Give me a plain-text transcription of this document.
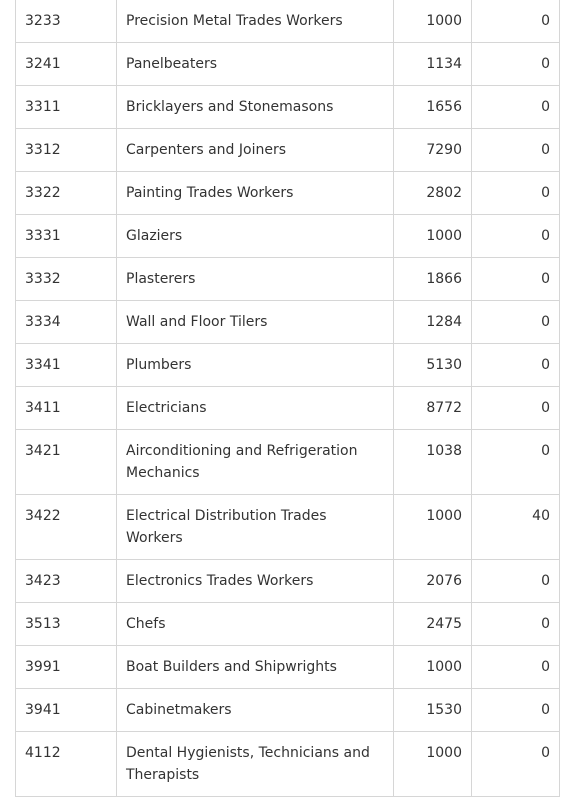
3233	Precision Metal Trades Workers	1000	0
3241	Panelbeaters	1134	0
3311	Bricklayers and Stonemasons	1656	0
3312	Carpenters and Joiners	7290	0
3322	Painting Trades Workers	2802	0
3331	Glaziers	1000	0
3332	Plasterers	1866	0
3334	Wall and Floor Tilers	1284	0
3341	Plumbers	5130	0
3411	Electricians	8772	0
3421	Airconditioning and Refrigeration Mechanics	1038	0
3422	Electrical Distribution Trades Workers	1000	40
3423	Electronics Trades Workers	2076	0
3513	Chefs	2475	0
3991	Boat Builders and Shipwrights	1000	0
3941	Cabinetmakers	1530	0
4112	Dental Hygienists, Technicians and Therapists	1000	0
